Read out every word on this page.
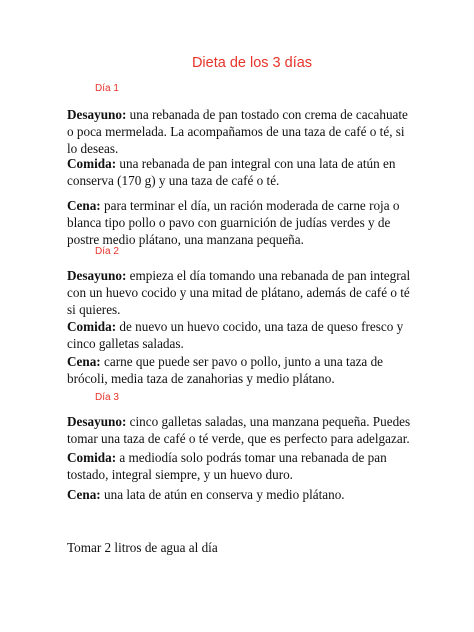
Dieta de los 3 días
Día 1
Desayuno: una rebanada de pan tostado con crema de cacahuate o poca mermelada. La acompañamos de una taza de café o té, si lo deseas.
Comida: una rebanada de pan integral con una lata de atún en conserva (170 g) y una taza de café o té.
Cena: para terminar el día, un ración moderada de carne roja o blanca tipo pollo o pavo con guarnición de judías verdes y de postre medio plátano, una manzana pequeña.
Día 2
Desayuno: empieza el día tomando una rebanada de pan integral con un huevo cocido y una mitad de plátano, además de café o té si quieres.
Comida: de nuevo un huevo cocido, una taza de queso fresco y cinco galletas saladas.
Cena: carne que puede ser pavo o pollo, junto a una taza de brócoli, media taza de zanahorias y medio plátano.
Día 3
Desayuno: cinco galletas saladas, una manzana pequeña. Puedes tomar una taza de café o té verde, que es perfecto para adelgazar.
Comida: a mediodía solo podrás tomar una rebanada de pan tostado, integral siempre, y un huevo duro.
Cena: una lata de atún en conserva y medio plátano.
Tomar 2 litros de agua al día
